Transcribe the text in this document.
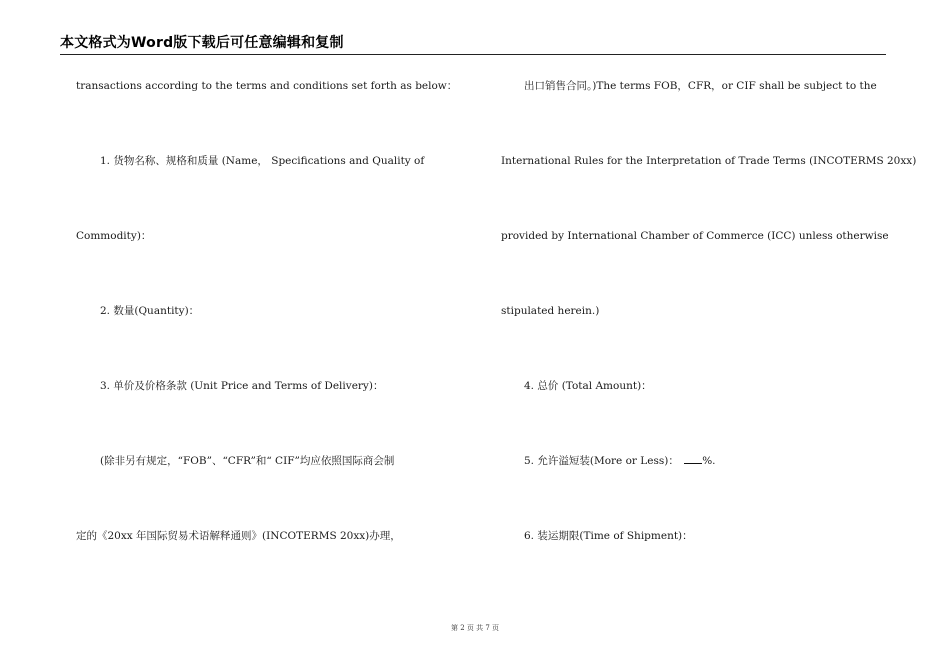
本文格式为Word版下载后可任意编辑和复制
transactions according to the terms and conditions set forth as below：
1. 货物名称、规格和质量 (Name， Specifications and Quality of
Commodity)：
2. 数量(Quantity)：
3. 单价及价格条款 (Unit Price and Terms of Delivery)：
(除非另有规定，“FOB”、“CFR”和“ CIF”均应依照国际商会制
定的《20xx 年国际贸易术语解释通则》(INCOTERMS 20xx)办理，
出口销售合同。)The terms FOB，CFR，or CIF shall be subject to the
International Rules for the Interpretation of Trade Terms (INCOTERMS 20xx)
provided by International Chamber of Commerce (ICC) unless otherwise
stipulated herein.)
4. 总价 (Total Amount)：
5. 允许溢短装(More or Less)： %.
6. 装运期限(Time of Shipment)：
第 2 页 共 7 页
